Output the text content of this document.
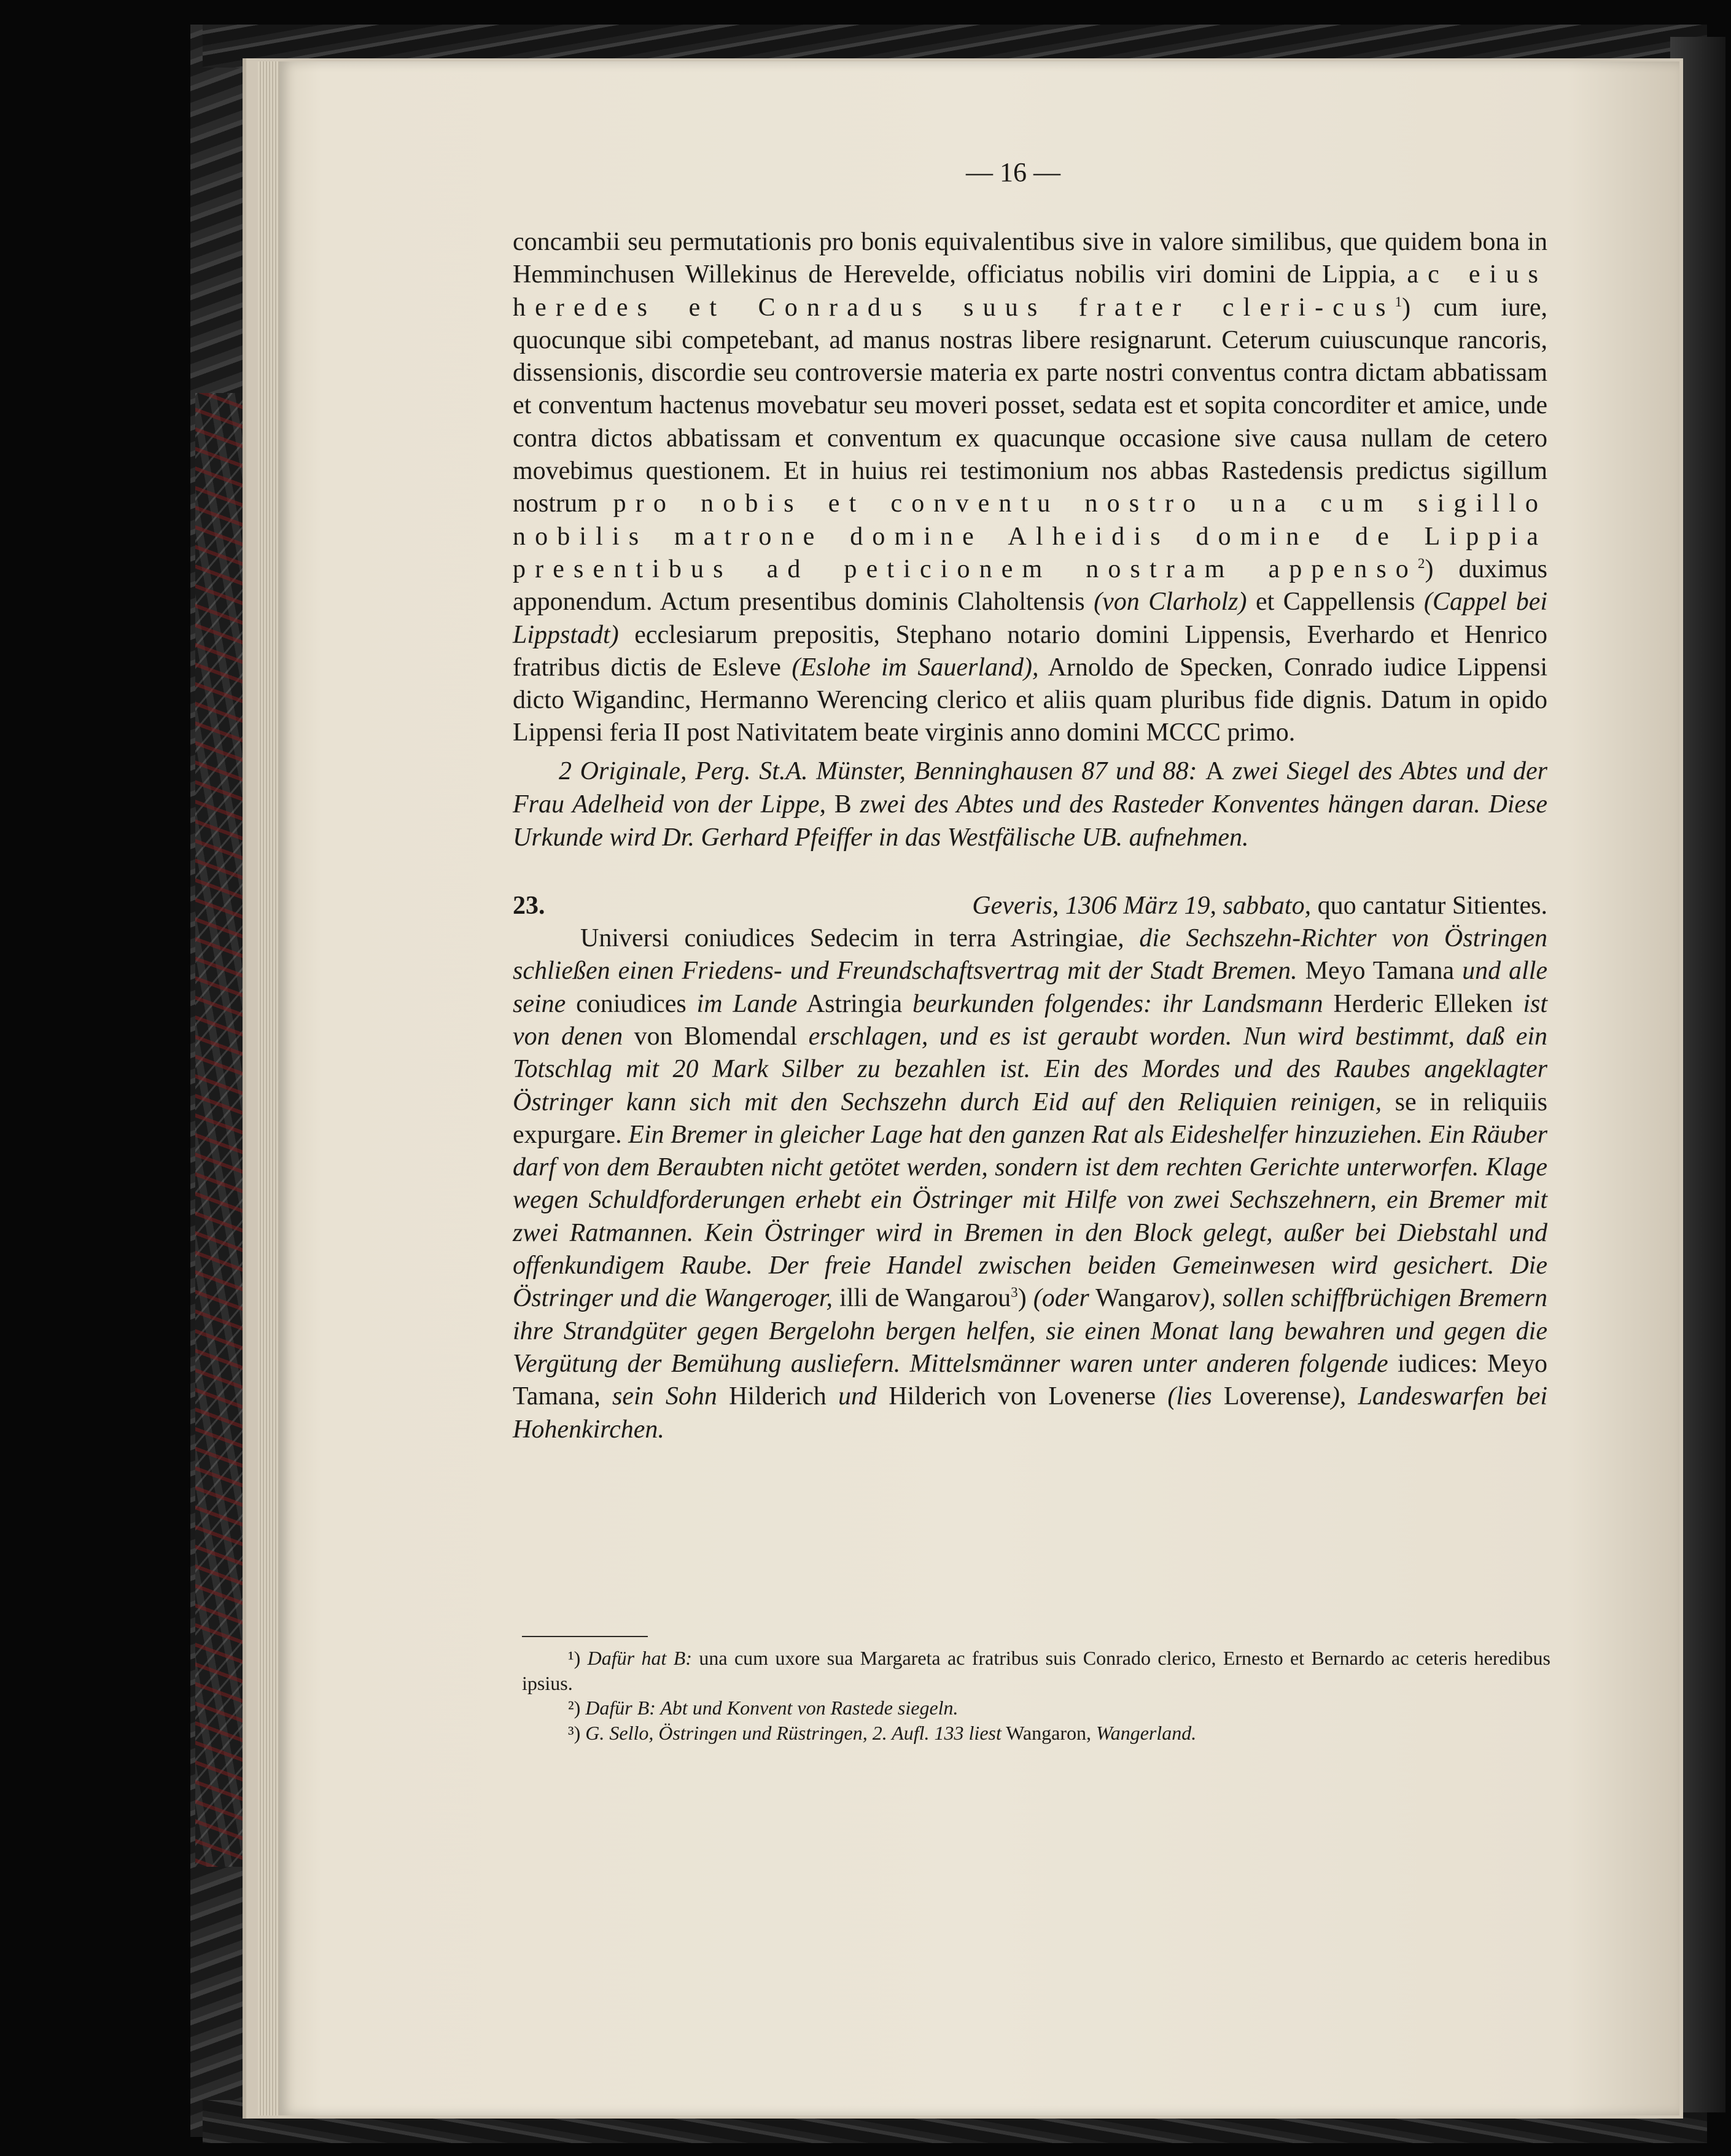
— 16 —

concambii seu permutationis pro bonis equivalentibus sive in valore similibus, que quidem bona in Hemminchusen Willekinus de Herevelde, officiatus nobilis viri domini de Lippia, ac eius heredes et Conradus suus frater cleri-cus$^1$) cum iure, quocunque sibi competebant, ad manus nostras libere resignarunt. Ceterum cuiuscunque rancoris, dissensionis, discordie seu controversie materia ex parte nostri conventus contra dictam abbatissam et conventum hactenus movebatur seu moveri posset, sedata est et sopita concorditer et amice, unde contra dictos abbatissam et conventum ex quacunque occasione sive causa nullam de cetero movebimus questionem. Et in huius rei testimonium nos abbas Rastedensis predictus sigillum nostrum pro nobis et conventu nostro una cum sigillo nobilis matrone domine Alheidis domine de Lippia presentibus ad peticionem nostram appenso$^2$) duximus apponendum. Actum presentibus dominis Claholtensis (von Clarholz) et Cappellensis (Cappel bei Lippstadt) ecclesiarum prepositis, Stephano notario domini Lippensis, Everhardo et Henrico fratribus dictis de Esleve (Eslohe im Sauerland), Arnoldo de Specken, Conrado iudice Lippensi dicto Wigandinc, Hermanno Werencing clerico et aliis quam pluribus fide dignis. Datum in opido Lippensi feria II post Nativitatem beate virginis anno domini MCCC primo.

2 Originale, Perg. St.A. Münster, Benninghausen 87 und 88: A zwei Siegel des Abtes und der Frau Adelheid von der Lippe, B zwei des Abtes und des Rasteder Konventes hängen daran. Diese Urkunde wird Dr. Gerhard Pfeiffer in das Westfälische UB. aufnehmen.

23.	Geveris, 1306 März 19, sabbato, quo cantatur Sitientes.

Universi coniudices Sedecim in terra Astringiae, die Sechszehn-Richter von Östringen schließen einen Friedens- und Freundschaftsvertrag mit der Stadt Bremen. Meyo Tamana und alle seine coniudices im Lande Astringia beurkunden folgendes: ihr Landsmann Herderic Elleken ist von denen von Blomendal erschlagen, und es ist geraubt worden. Nun wird bestimmt, daß ein Totschlag mit 20 Mark Silber zu bezahlen ist. Ein des Mordes und des Raubes angeklagter Östringer kann sich mit den Sechszehn durch Eid auf den Reliquien reinigen, se in reliquiis expurgare. Ein Bremer in gleicher Lage hat den ganzen Rat als Eideshelfer hinzuziehen. Ein Räuber darf von dem Beraubten nicht getötet werden, sondern ist dem rechten Gerichte unterworfen. Klage wegen Schuldforderungen erhebt ein Östringer mit Hilfe von zwei Sechszehnern, ein Bremer mit zwei Ratmannen. Kein Östringer wird in Bremen in den Block gelegt, außer bei Diebstahl und offenkundigem Raube. Der freie Handel zwischen beiden Gemeinwesen wird gesichert. Die Östringer und die Wangeroger, illi de Wangarou$^3$) (oder Wangarov), sollen schiffbrüchigen Bremern ihre Strandgüter gegen Bergelohn bergen helfen, sie einen Monat lang bewahren und gegen die Vergütung der Bemühung ausliefern. Mittelsmänner waren unter anderen folgende iudices: Meyo Tamana, sein Sohn Hilderich und Hilderich von Lovenerse (lies Loverense), Landeswarfen bei Hohenkirchen.

¹) Dafür hat B: una cum uxore sua Margareta ac fratribus suis Conrado clerico, Ernesto et Bernardo ac ceteris heredibus ipsius.

²) Dafür B: Abt und Konvent von Rastede siegeln.

³) G. Sello, Östringen und Rüstringen, 2. Aufl. 133 liest Wangaron, Wangerland.
